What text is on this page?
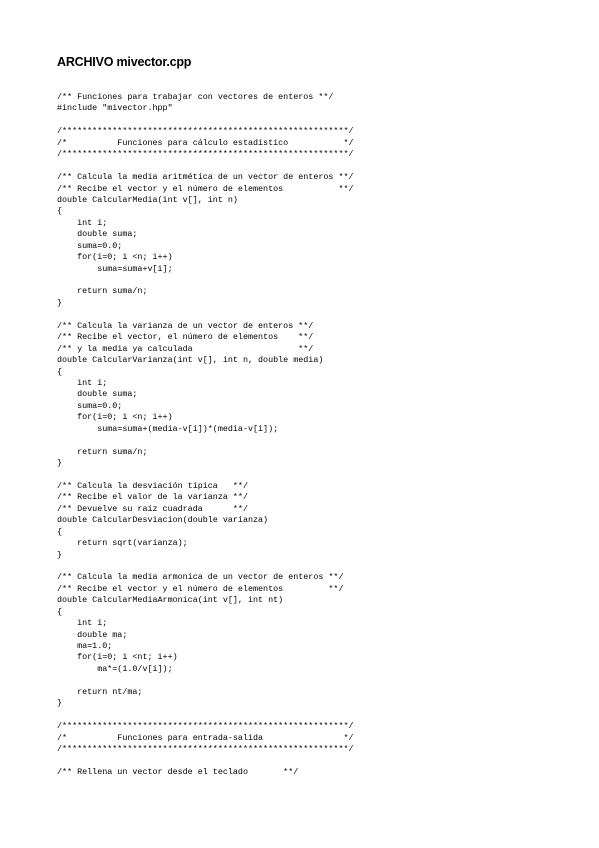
ARCHIVO mivector.cpp
/** Funciones para trabajar con vectores de enteros **/
#include "mivector.hpp"
/*********************************************************/
/*          Funciones para cálculo estadístico           */
/*********************************************************/
/** Calcula la media aritmética de un vector de enteros **/
/** Recibe el vector y el número de elementos           **/
double CalcularMedia(int v[], int n)
{
int i;
double suma;
suma=0.0;
for(i=0; i <n; i++)
suma=suma+v[i];
return suma/n;
}
/** Calcula la varianza de un vector de enteros **/
/** Recibe el vector, el número de elementos    **/
/** y la media ya calculada                     **/
double CalcularVarianza(int v[], int n, double media)
{
int i;
double suma;
suma=0.0;
for(i=0; i <n; i++)
suma=suma+(media-v[i])*(media-v[i]);
return suma/n;
}
/** Calcula la desviación típica   **/
/** Recibe el valor de la varianza **/
/** Devuelve su raíz cuadrada      **/
double CalcularDesviacion(double varianza)
{
return sqrt(varianza);
}
/** Calcula la media armonica de un vector de enteros **/
/** Recibe el vector y el número de elementos         **/
double CalcularMediaArmonica(int v[], int nt)
{
int i;
double ma;
ma=1.0;
for(i=0; i <nt; i++)
ma*=(1.0/v[i]);
return nt/ma;
}
/*********************************************************/
/*          Funciones para entrada-salida                */
/*********************************************************/
/** Rellena un vector desde el teclado       **/
